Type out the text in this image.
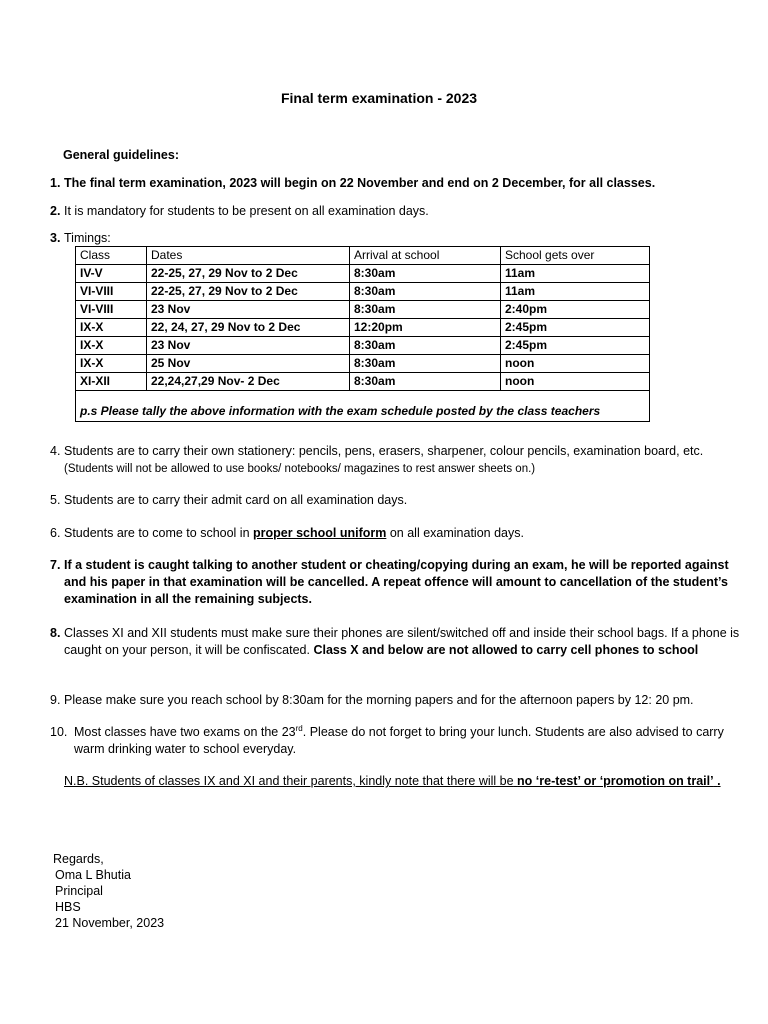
Final term examination - 2023
General guidelines:
1. The final term examination, 2023 will begin on 22 November and end on 2 December, for all classes.
2. It is mandatory for students to be present on all examination days.
3. Timings:
Class	Dates	Arrival at school	School gets over
IV-V	22-25, 27, 29 Nov to 2 Dec	8:30am	11am
VI-VIII	22-25, 27, 29 Nov to 2 Dec	8:30am	11am
VI-VIII	23 Nov	8:30am	2:40pm
IX-X	22, 24, 27, 29 Nov to 2 Dec	12:20pm	2:45pm
IX-X	23 Nov	8:30am	2:45pm
IX-X	25 Nov	8:30am	noon
XI-XII	22,24,27,29 Nov- 2 Dec	8:30am	noon
p.s Please tally the above information with the exam schedule posted by the class teachers			
4. Students are to carry their own stationery: pencils, pens, erasers, sharpener, colour pencils, examination board, etc. (Students will not be allowed to use books/ notebooks/ magazines to rest answer sheets on.)
5. Students are to carry their admit card on all examination days.
6. Students are to come to school in proper school uniform on all examination days.
7. If a student is caught talking to another student or cheating/copying during an exam, he will be reported against and his paper in that examination will be cancelled. A repeat offence will amount to cancellation of the student’s examination in all the remaining subjects.
8. Classes XI and XII students must make sure their phones are silent/switched off and inside their school bags. If a phone is caught on your person, it will be confiscated. Class X and below are not allowed to carry cell phones to school
9. Please make sure you reach school by 8:30am for the morning papers and for the afternoon papers by 12: 20 pm.
10. Most classes have two exams on the 23rd. Please do not forget to bring your lunch. Students are also advised to carry warm drinking water to school everyday.
N.B. Students of classes IX and XI and their parents, kindly note that there will be no ‘re-test’ or ‘promotion on trail’ .
Regards,
Oma L Bhutia
Principal
HBS
21 November, 2023
